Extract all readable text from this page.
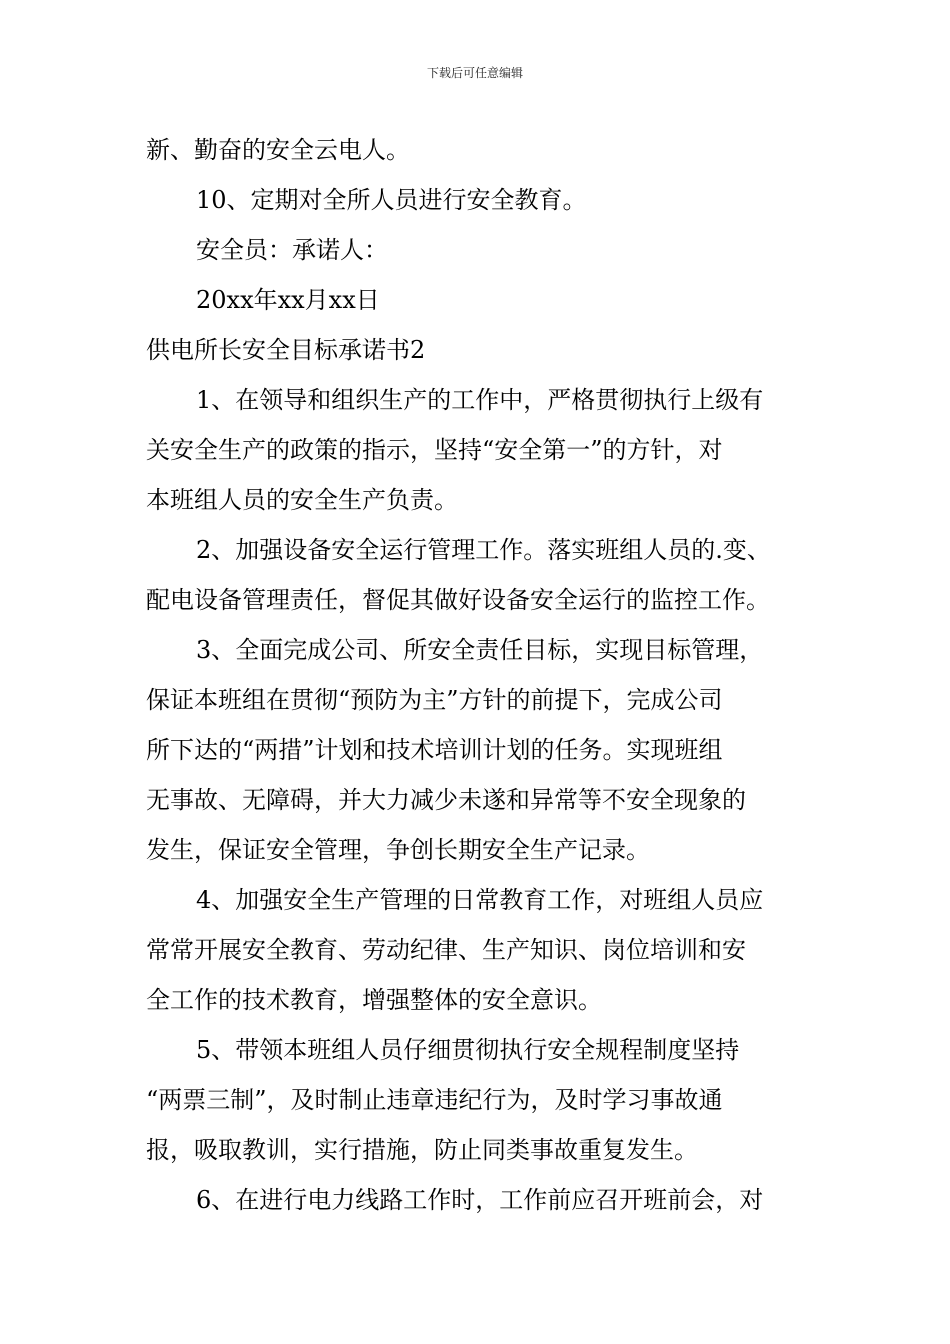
下载后可任意编辑
新、勤奋的安全云电人。
10、定期对全所人员进行安全教育。
安全员：承诺人：
20xx年xx月xx日
供电所长安全目标承诺书2
1、在领导和组织生产的工作中，严格贯彻执行上级有
关安全生产的政策的指示，坚持“安全第一”的方针，对
本班组人员的安全生产负责。
2、加强设备安全运行管理工作。落实班组人员的.变、
配电设备管理责任，督促其做好设备安全运行的监控工作。
3、全面完成公司、所安全责任目标，实现目标管理，
保证本班组在贯彻“预防为主”方针的前提下，完成公司
所下达的“两措”计划和技术培训计划的任务。实现班组
无事故、无障碍，并大力减少未遂和异常等不安全现象的
发生，保证安全管理，争创长期安全生产记录。
4、加强安全生产管理的日常教育工作，对班组人员应
常常开展安全教育、劳动纪律、生产知识、岗位培训和安
全工作的技术教育，增强整体的安全意识。
5、带领本班组人员仔细贯彻执行安全规程制度坚持
“两票三制”，及时制止违章违纪行为，及时学习事故通
报，吸取教训，实行措施，防止同类事故重复发生。
6、在进行电力线路工作时，工作前应召开班前会，对
